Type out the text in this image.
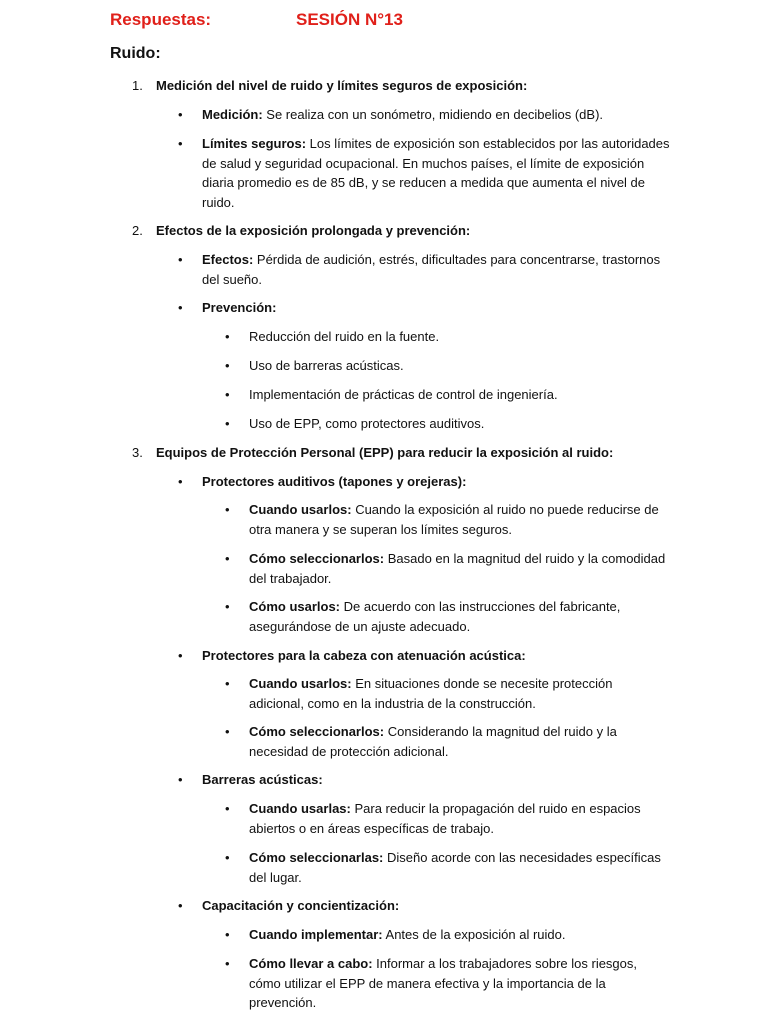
Respuestas:	SESIÓN N°13
Ruido:
1. Medición del nivel de ruido y límites seguros de exposición:
• Medición: Se realiza con un sonómetro, midiendo en decibelios (dB).
• Límites seguros: Los límites de exposición son establecidos por las autoridades de salud y seguridad ocupacional. En muchos países, el límite de exposición diaria promedio es de 85 dB, y se reducen a medida que aumenta el nivel de ruido.
2. Efectos de la exposición prolongada y prevención:
• Efectos: Pérdida de audición, estrés, dificultades para concentrarse, trastornos del sueño.
• Prevención:
• Reducción del ruido en la fuente.
• Uso de barreras acústicas.
• Implementación de prácticas de control de ingeniería.
• Uso de EPP, como protectores auditivos.
3. Equipos de Protección Personal (EPP) para reducir la exposición al ruido:
• Protectores auditivos (tapones y orejeras):
• Cuando usarlos: Cuando la exposición al ruido no puede reducirse de otra manera y se superan los límites seguros.
• Cómo seleccionarlos: Basado en la magnitud del ruido y la comodidad del trabajador.
• Cómo usarlos: De acuerdo con las instrucciones del fabricante, asegurándose de un ajuste adecuado.
• Protectores para la cabeza con atenuación acústica:
• Cuando usarlos: En situaciones donde se necesite protección adicional, como en la industria de la construcción.
• Cómo seleccionarlos: Considerando la magnitud del ruido y la necesidad de protección adicional.
• Barreras acústicas:
• Cuando usarlas: Para reducir la propagación del ruido en espacios abiertos o en áreas específicas de trabajo.
• Cómo seleccionarlas: Diseño acorde con las necesidades específicas del lugar.
• Capacitación y concientización:
• Cuando implementar: Antes de la exposición al ruido.
• Cómo llevar a cabo: Informar a los trabajadores sobre los riesgos, cómo utilizar el EPP de manera efectiva y la importancia de la prevención.
